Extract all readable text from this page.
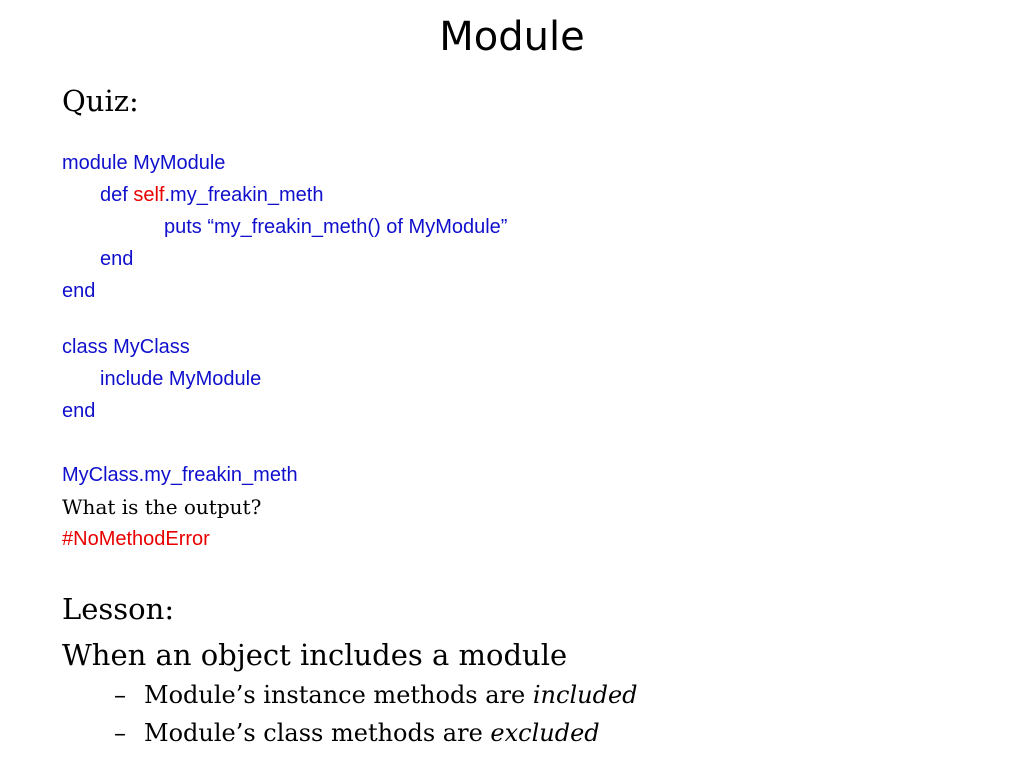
Module
Quiz:
module MyModule
def self.my_freakin_meth
puts “my_freakin_meth() of MyModule”
end
end
class MyClass
include MyModule
end
MyClass.my_freakin_meth
What is the output?
#NoMethodError
Lesson:
When an object includes a module
– Module’s instance methods are included
– Module’s class methods are excluded
